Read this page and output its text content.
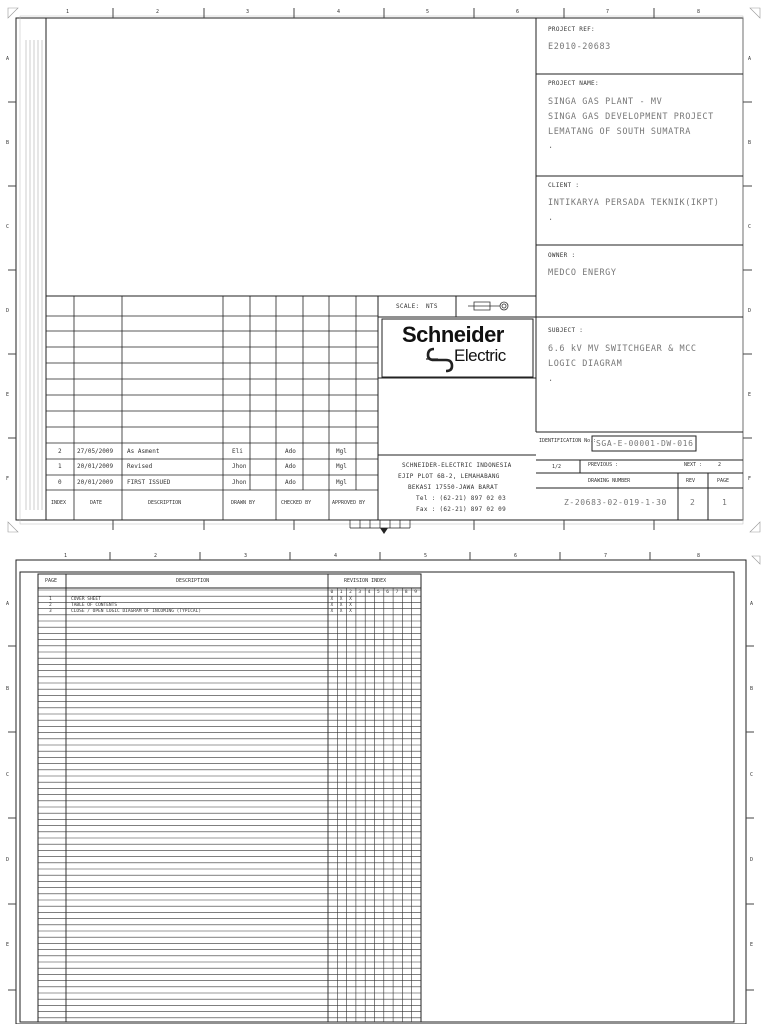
1	2	3	4	5	6	7	8
A
B
C
D
E
F
A
B
C
D
E
F
PROJECT REF:
E2010-20683
PROJECT NAME:
SINGA GAS PLANT - MV
SINGA GAS DEVELOPMENT PROJECT
LEMATANG OF SOUTH SUMATRA
.
CLIENT :
INTIKARYA PERSADA TEKNIK(IKPT)
.
OWNER :
MEDCO ENERGY
SUBJECT :
6.6 kV MV SWITCHGEAR & MCC
LOGIC DIAGRAM
.
SCALE: NTS
Schneider
Electric
SCHNEIDER-ELECTRIC INDONESIA
EJIP PLOT 6B-2, LEMAHABANG
BEKASI 17550-JAWA BARAT
Tel : (62-21) 897 02 03
Fax : (62-21) 897 02 09
IDENTIFICATION No.: SGA-E-00001-DW-016
1/2	PREVIOUS :	NEXT :	2
DRAWING NUMBER	REV	PAGE
Z-20683-02-019-1-30	2	1
2	27/05/2009 As Asment	Eli	Ado	Mgl
1	20/01/2009 Revised	Jhon	Ado	Mgl
0	20/01/2009 FIRST ISSUED	Jhon	Ado	Mgl
INDEX	DATE	DESCRIPTION	DRAWN BY	CHECKED BY	APPROVED BY
1	2	3	4	5	6	7	8
A
B
C
D
E
A
B
C
D
E
PAGE	DESCRIPTION	REVISION INDEX
0 1 2 3 4 5 6 7 8 9
1	COVER SHEET	X X X
2	TABLE OF CONTENTS	X X X
3	CLOSE / OPEN LOGIC DIAGRAM OF INCOMING (TYPICAL)	X X X
